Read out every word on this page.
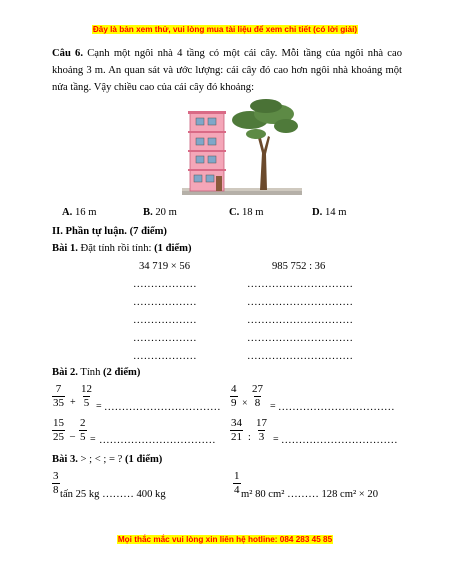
Đây là bản xem thử, vui lòng mua tài liệu để xem chi tiết (có lời giải)
Câu 6. Cạnh một ngôi nhà 4 tầng có một cái cây. Mỗi tầng của ngôi nhà cao khoảng 3 m. An quan sát và ước lượng: cái cây đó cao hơn ngôi nhà khoảng một nửa tầng. Vậy chiều cao của cái cây đó khoảng:
A. 16 m	B. 20 m	C. 18 m	D. 14 m
II. Phần tự luận. (7 điểm)
Bài 1. Đặt tính rồi tính: (1 điểm)
34 719 × 56	985 752 : 36
………………
………………
………………
………………
………………
…………………………
…………………………
…………………………
…………………………
…………………………
Bài 2. Tính (2 điểm)
$\frac{7}{35} + \frac{12}{5}$ = …………………………… $\frac{4}{9} \times \frac{27}{8}$ = ……………………………
$\frac{15}{25} - \frac{2}{5}$ = …………………………… $\frac{34}{21}$ : $\frac{17}{3}$ = ……………………………
Bài 3. > ; < ; = ? (1 điểm)
$\frac{3}{8}$ tấn 25 kg ……… 400 kg	$\frac{1}{4} m^2$ 80 cm² ……… 128 cm² × 20
Mọi thắc mắc vui lòng xin liên hệ hotline: 084 283 45 85
